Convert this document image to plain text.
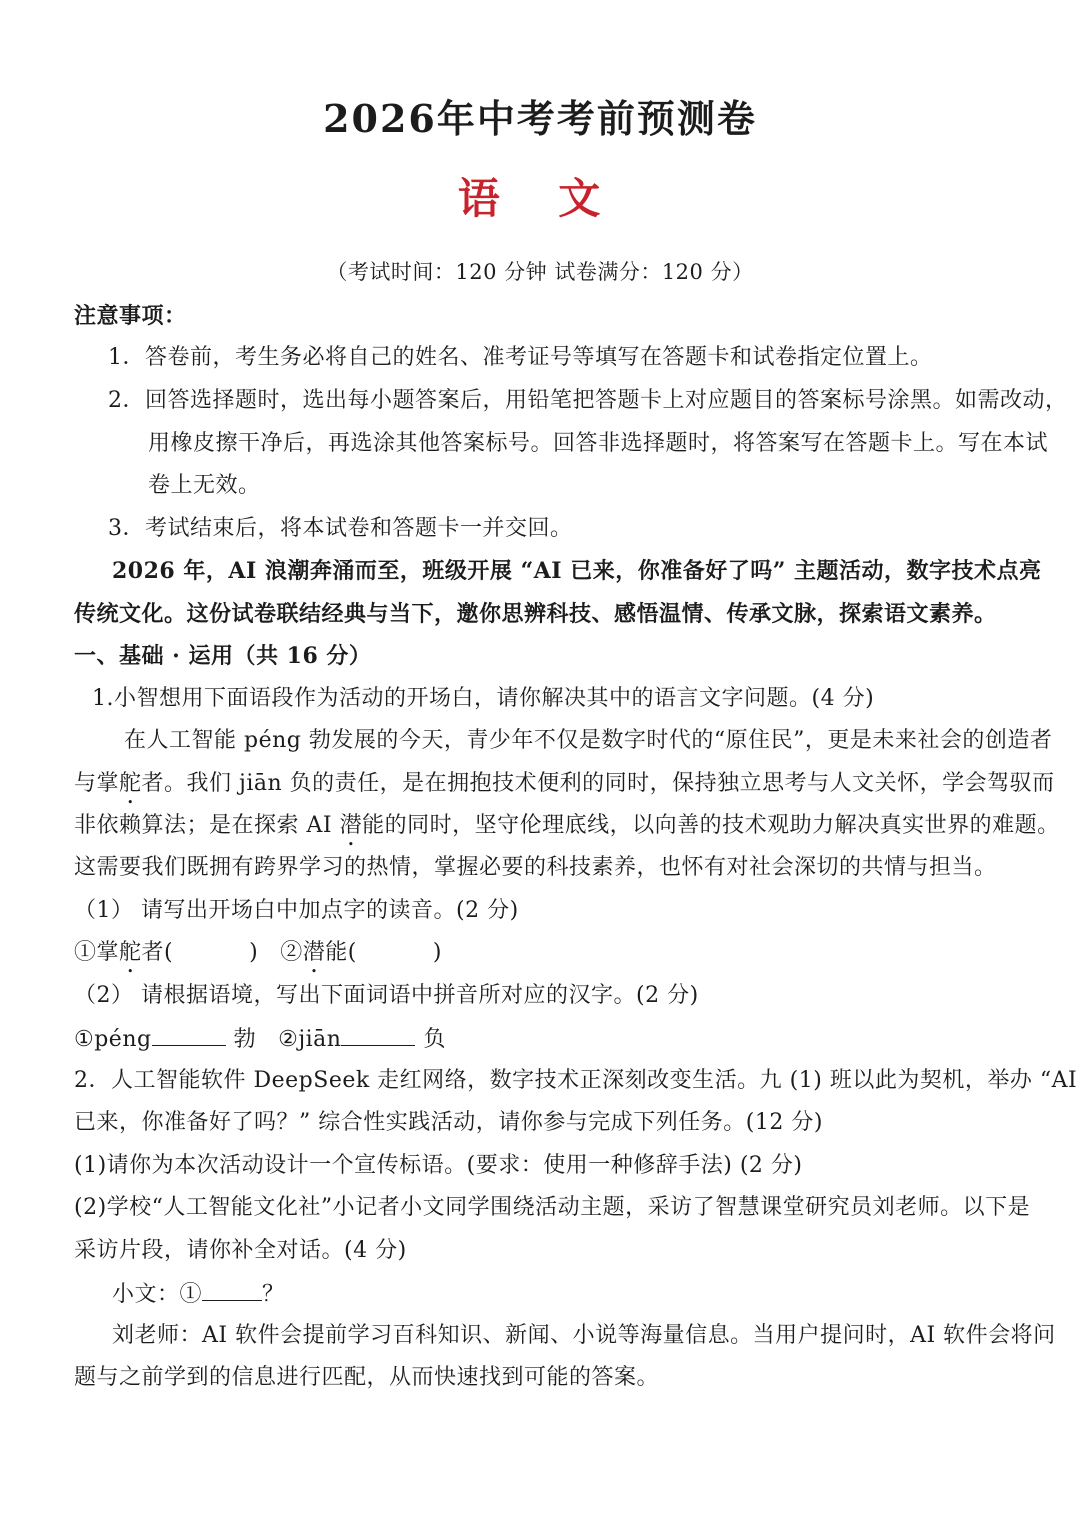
2026年中考考前预测卷
语 文
（考试时间：120 分钟 试卷满分：120 分）
注意事项：
1．答卷前，考生务必将自己的姓名、准考证号等填写在答题卡和试卷指定位置上。
2．回答选择题时，选出每小题答案后，用铅笔把答题卡上对应题目的答案标号涂黑。如需改动，
用橡皮擦干净后，再选涂其他答案标号。回答非选择题时，将答案写在答题卡上。写在本试
卷上无效。
3．考试结束后，将本试卷和答题卡一并交回。
2026 年，AI 浪潮奔涌而至，班级开展 “AI 已来，你准备好了吗” 主题活动，数字技术点亮
传统文化。这份试卷联结经典与当下，邀你思辨科技、感悟温情、传承文脉，探索语文素养。
一、基础 · 运用（共 16 分）
1.小智想用下面语段作为活动的开场白，请你解决其中的语言文字问题。(4 分)
在人工智能 péng 勃发展的今天，青少年不仅是数字时代的“原住民”，更是未来社会的创造者
与掌舵者。我们 jiān 负的责任，是在拥抱技术便利的同时，保持独立思考与人文关怀，学会驾驭而
非依赖算法；是在探索 AI 潜能的同时，坚守伦理底线，以向善的技术观助力解决真实世界的难题。
这需要我们既拥有跨界学习的热情，掌握必要的科技素养，也怀有对社会深切的共情与担当。
（1） 请写出开场白中加点字的读音。(2 分)
①掌舵者(	) ②潜能(	)
（2） 请根据语境，写出下面词语中拼音所对应的汉字。(2 分)
①péng	勃 ②jiān	负
2．人工智能软件 DeepSeek 走红网络，数字技术正深刻改变生活。九 (1) 班以此为契机，举办 “AI
已来，你准备好了吗？” 综合性实践活动，请你参与完成下列任务。(12 分)
(1)请你为本次活动设计一个宣传标语。(要求：使用一种修辞手法) (2 分)
(2)学校“人工智能文化社”小记者小文同学围绕活动主题，采访了智慧课堂研究员刘老师。以下是
采访片段，请你补全对话。(4 分)
小文：①	？
刘老师：AI 软件会提前学习百科知识、新闻、小说等海量信息。当用户提问时，AI 软件会将问
题与之前学到的信息进行匹配，从而快速找到可能的答案。
